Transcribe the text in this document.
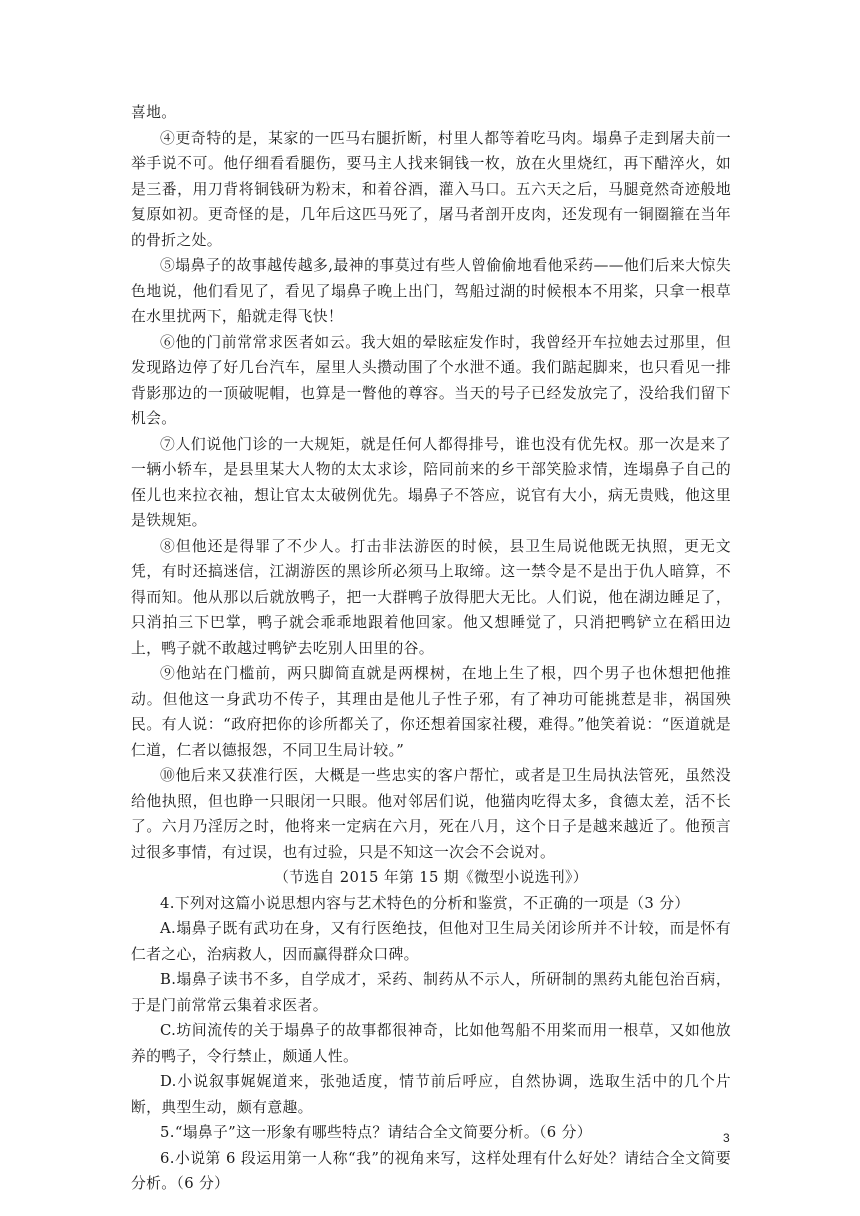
喜地。

④更奇特的是，某家的一匹马右腿折断，村里人都等着吃马肉。塌鼻子走到屠夫前一举手说不可。他仔细看看腿伤，要马主人找来铜钱一枚，放在火里烧红，再下醋淬火，如是三番，用刀背将铜钱研为粉末，和着谷酒，灌入马口。五六天之后，马腿竟然奇迹般地复原如初。更奇怪的是，几年后这匹马死了，屠马者剖开皮肉，还发现有一铜圈箍在当年的骨折之处。

⑤塌鼻子的故事越传越多,最神的事莫过有些人曾偷偷地看他采药——他们后来大惊失色地说，他们看见了，看见了塌鼻子晚上出门，驾船过湖的时候根本不用桨，只拿一根草在水里扰两下，船就走得飞快！

⑥他的门前常常求医者如云。我大姐的晕眩症发作时，我曾经开车拉她去过那里，但发现路边停了好几台汽车，屋里人头攒动围了个水泄不通。我们踮起脚来，也只看见一排背影那边的一顶破呢帽，也算是一瞥他的尊容。当天的号子已经发放完了，没给我们留下机会。

⑦人们说他门诊的一大规矩，就是任何人都得排号，谁也没有优先权。那一次是来了一辆小轿车，是县里某大人物的太太求诊，陪同前来的乡干部笑脸求情，连塌鼻子自己的侄儿也来拉衣袖，想让官太太破例优先。塌鼻子不答应，说官有大小，病无贵贱，他这里是铁规矩。

⑧但他还是得罪了不少人。打击非法游医的时候，县卫生局说他既无执照，更无文凭，有时还搞迷信，江湖游医的黑诊所必须马上取缔。这一禁令是不是出于仇人暗算，不得而知。他从那以后就放鸭子，把一大群鸭子放得肥大无比。人们说，他在湖边睡足了，只消拍三下巴掌，鸭子就会乖乖地跟着他回家。他又想睡觉了，只消把鸭铲立在稻田边上，鸭子就不敢越过鸭铲去吃别人田里的谷。

⑨他站在门槛前，两只脚简直就是两棵树，在地上生了根，四个男子也休想把他推动。但他这一身武功不传子，其理由是他儿子性子邪，有了神功可能挑惹是非，祸国殃民。有人说：“政府把你的诊所都关了，你还想着国家社稷，难得。”他笑着说：“医道就是仁道，仁者以德报怨，不同卫生局计较。”

⑩他后来又获准行医，大概是一些忠实的客户帮忙，或者是卫生局执法管死，虽然没给他执照，但也睁一只眼闭一只眼。他对邻居们说，他猫肉吃得太多，食德太差，活不长了。六月乃淫厉之时，他将来一定病在六月，死在八月，这个日子是越来越近了。他预言过很多事情，有过误，也有过验，只是不知这一次会不会说对。

（节选自 2015 年第 15 期《微型小说选刊》）

4.下列对这篇小说思想内容与艺术特色的分析和鉴赏，不正确的一项是（3 分）

A.塌鼻子既有武功在身，又有行医绝技，但他对卫生局关闭诊所并不计较，而是怀有仁者之心，治病救人，因而赢得群众口碑。

B.塌鼻子读书不多，自学成才，采药、制药从不示人，所研制的黑药丸能包治百病，于是门前常常云集着求医者。

C.坊间流传的关于塌鼻子的故事都很神奇，比如他驾船不用桨而用一根草，又如他放养的鸭子，令行禁止，颇通人性。

D.小说叙事娓娓道来，张弛适度，情节前后呼应，自然协调，选取生活中的几个片断，典型生动，颇有意趣。

5.“塌鼻子”这一形象有哪些特点？请结合全文简要分析。（6 分）

6.小说第 6 段运用第一人称“我”的视角来写，这样处理有什么好处？请结合全文简要分析。（6 分）

3
